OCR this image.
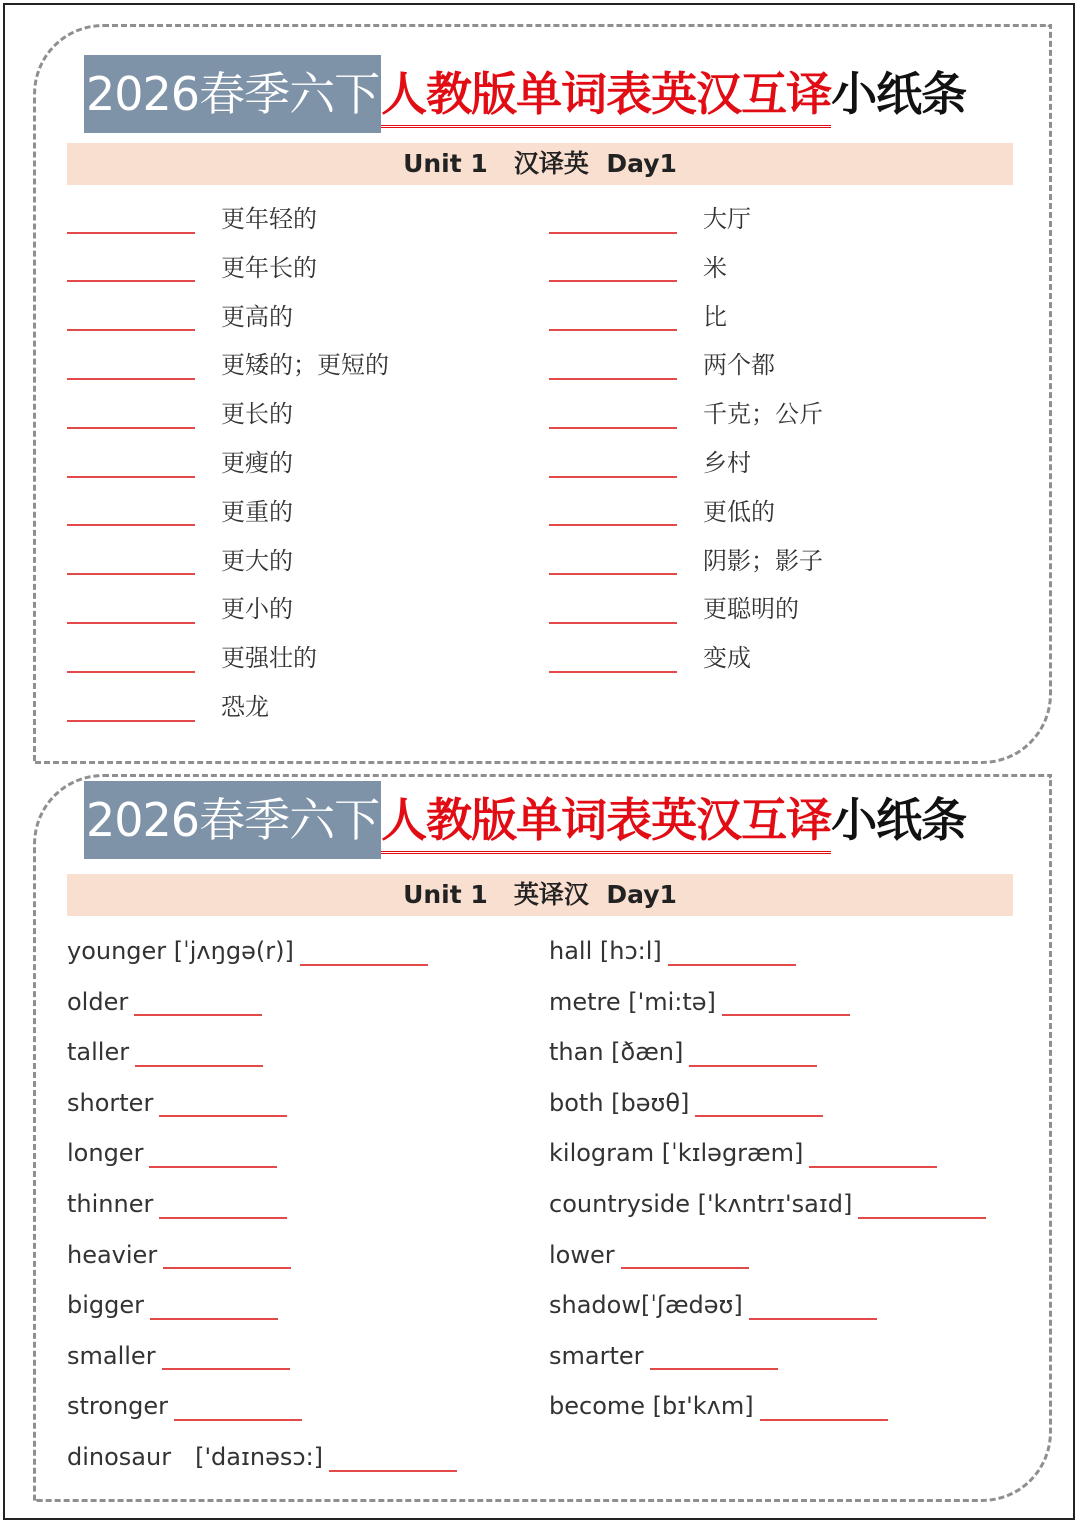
2026春季六下 人教版单词表英汉互译 小纸条
Unit 1 汉译英 Day1
更年轻的
更年长的
更高的
更矮的；更短的
更长的
更瘦的
更重的
更大的
更小的
更强壮的
恐龙
大厅
米
比
两个都
千克；公斤
乡村
更低的
阴影；影子
更聪明的
变成
2026春季六下 人教版单词表英汉互译 小纸条
Unit 1 英译汉 Day1
younger [ˈjʌŋgə(r)]
older
taller
shorter
longer
thinner
heavier
bigger
smaller
stronger
dinosaur　['daɪnəsɔ:]
hall [hɔ:l]
metre ['mi:tə]
than [ðæn]
both [bəʊθ]
kilogram [ˈkɪləgræm]
countryside ['kʌntrɪ'saɪd]
lower
shadow[ˈʃædəʊ]
smarter
become [bɪ'kʌm]
